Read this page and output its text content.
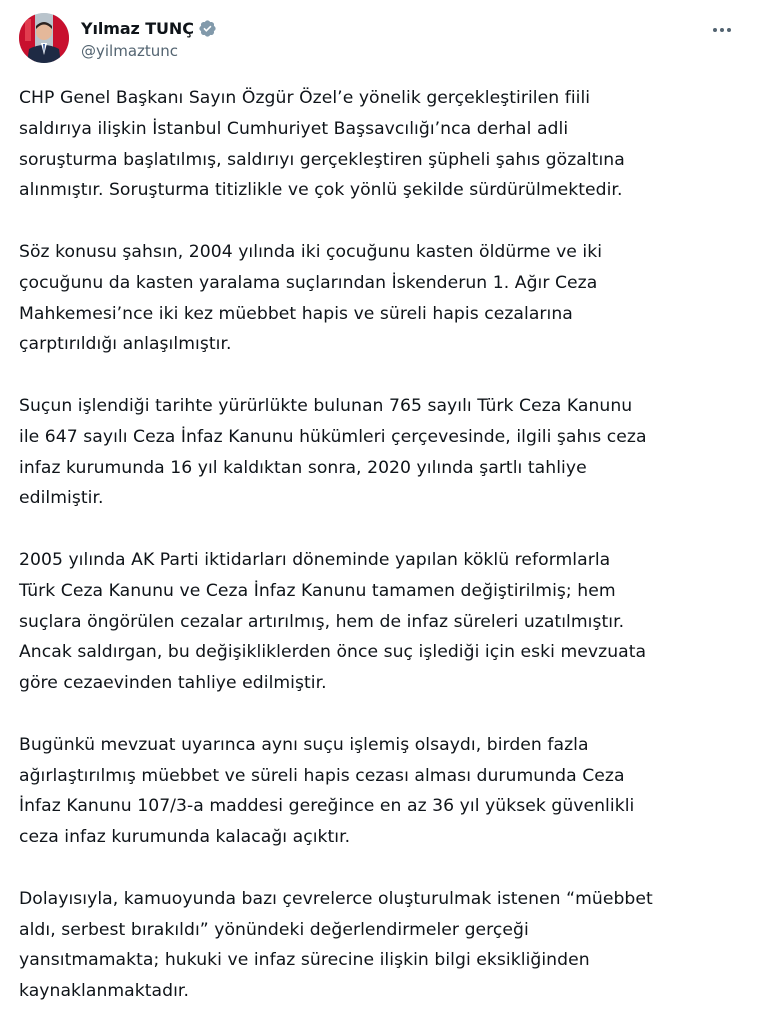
Yılmaz TUNÇ
@yilmaztunc

CHP Genel Başkanı Sayın Özgür Özel’e yönelik gerçekleştirilen fiili
saldırıya ilişkin İstanbul Cumhuriyet Başsavcılığı’nca derhal adli
soruşturma başlatılmış, saldırıyı gerçekleştiren şüpheli şahıs gözaltına
alınmıştır. Soruşturma titizlikle ve çok yönlü şekilde sürdürülmektedir.

Söz konusu şahsın, 2004 yılında iki çocuğunu kasten öldürme ve iki
çocuğunu da kasten yaralama suçlarından İskenderun 1. Ağır Ceza
Mahkemesi’nce iki kez müebbet hapis ve süreli hapis cezalarına
çarptırıldığı anlaşılmıştır.

Suçun işlendiği tarihte yürürlükte bulunan 765 sayılı Türk Ceza Kanunu
ile 647 sayılı Ceza İnfaz Kanunu hükümleri çerçevesinde, ilgili şahıs ceza
infaz kurumunda 16 yıl kaldıktan sonra, 2020 yılında şartlı tahliye
edilmiştir.

2005 yılında AK Parti iktidarları döneminde yapılan köklü reformlarla
Türk Ceza Kanunu ve Ceza İnfaz Kanunu tamamen değiştirilmiş; hem
suçlara öngörülen cezalar artırılmış, hem de infaz süreleri uzatılmıştır.
Ancak saldırgan, bu değişikliklerden önce suç işlediği için eski mevzuata
göre cezaevinden tahliye edilmiştir.

Bugünkü mevzuat uyarınca aynı suçu işlemiş olsaydı, birden fazla
ağırlaştırılmış müebbet ve süreli hapis cezası alması durumunda Ceza
İnfaz Kanunu 107/3-a maddesi gereğince en az 36 yıl yüksek güvenlikli
ceza infaz kurumunda kalacağı açıktır.

Dolayısıyla, kamuoyunda bazı çevrelerce oluşturulmak istenen “müebbet
aldı, serbest bırakıldı” yönündeki değerlendirmeler gerçeği
yansıtmamakta; hukuki ve infaz sürecine ilişkin bilgi eksikliğinden
kaynaklanmaktadır.
